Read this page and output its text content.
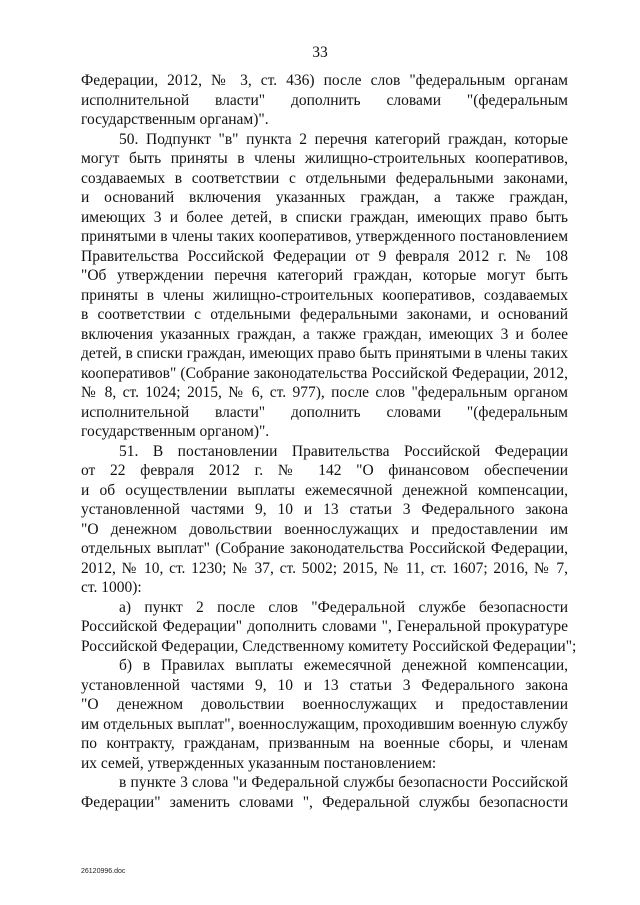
33
Федерации, 2012, № 3, ст. 436) после слов "федеральным органам
исполнительной власти" дополнить словами "(федеральным
государственным органам)".
50. Подпункт "в" пункта 2 перечня категорий граждан, которые
могут быть приняты в члены жилищно-строительных кооперативов,
создаваемых в соответствии с отдельными федеральными законами,
и оснований включения указанных граждан, а также граждан,
имеющих 3 и более детей, в списки граждан, имеющих право быть
принятыми в члены таких кооперативов, утвержденного постановлением
Правительства Российской Федерации от 9 февраля 2012 г. № 108
"Об утверждении перечня категорий граждан, которые могут быть
приняты в члены жилищно-строительных кооперативов, создаваемых
в соответствии с отдельными федеральными законами, и оснований
включения указанных граждан, а также граждан, имеющих 3 и более
детей, в списки граждан, имеющих право быть принятыми в члены таких
кооперативов" (Собрание законодательства Российской Федерации, 2012,
№ 8, ст. 1024; 2015, № 6, ст. 977), после слов "федеральным органом
исполнительной власти" дополнить словами "(федеральным
государственным органом)".
51. В постановлении Правительства Российской Федерации
от 22 февраля 2012 г. № 142 "О финансовом обеспечении
и об осуществлении выплаты ежемесячной денежной компенсации,
установленной частями 9, 10 и 13 статьи 3 Федерального закона
"О денежном довольствии военнослужащих и предоставлении им
отдельных выплат" (Собрание законодательства Российской Федерации,
2012, № 10, ст. 1230; № 37, ст. 5002; 2015, № 11, ст. 1607; 2016, № 7,
ст. 1000):
а) пункт 2 после слов "Федеральной службе безопасности
Российской Федерации" дополнить словами ", Генеральной прокуратуре
Российской Федерации, Следственному комитету Российской Федерации";
б) в Правилах выплаты ежемесячной денежной компенсации,
установленной частями 9, 10 и 13 статьи 3 Федерального закона
"О денежном довольствии военнослужащих и предоставлении
им отдельных выплат", военнослужащим, проходившим военную службу
по контракту, гражданам, призванным на военные сборы, и членам
их семей, утвержденных указанным постановлением:
в пункте 3 слова "и Федеральной службы безопасности Российской
Федерации" заменить словами ", Федеральной службы безопасности
26120996.doc
